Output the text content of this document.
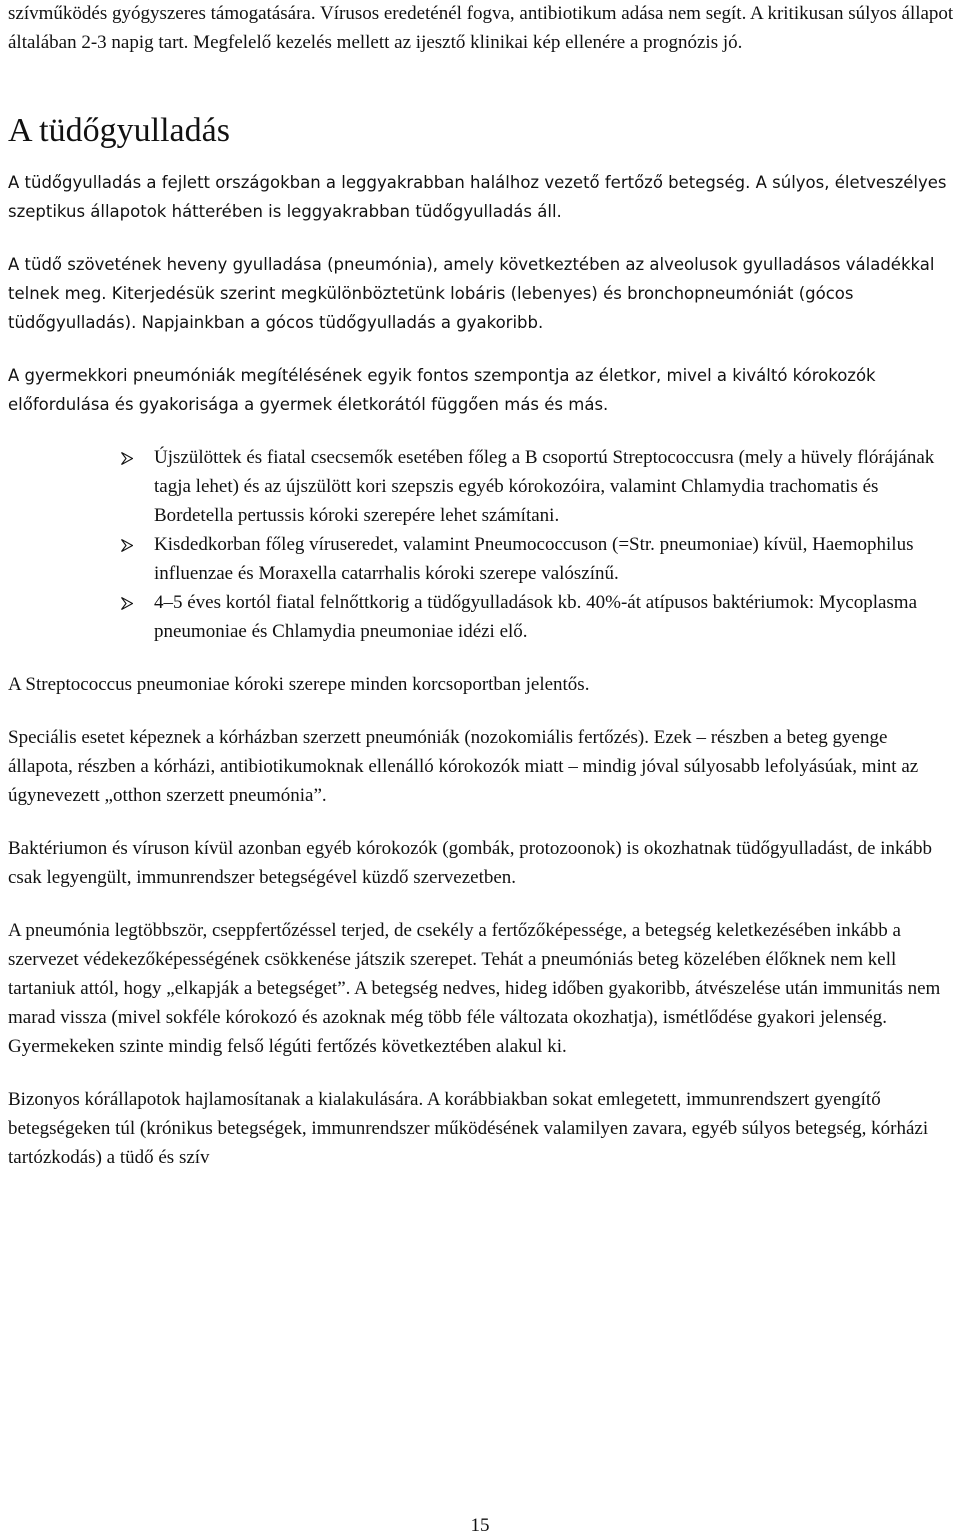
szívműködés gyógyszeres támogatására. Vírusos eredeténél fogva, antibiotikum adása nem segít. A kritikusan súlyos állapot általában 2-3 napig tart. Megfelelő kezelés mellett az ijesztő klinikai kép ellenére a prognózis jó.

A tüdőgyulladás

A tüdőgyulladás a fejlett országokban a leggyakrabban halálhoz vezető fertőző betegség. A súlyos, életveszélyes szeptikus állapotok hátterében is leggyakrabban tüdőgyulladás áll.

A tüdő szövetének heveny gyulladása (pneumónia), amely következtében az alveolusok gyulladásos váladékkal telnek meg. Kiterjedésük szerint megkülönböztetünk lobáris (lebenyes) és bronchopneumóniát (gócos tüdőgyulladás). Napjainkban a gócos tüdőgyulladás a gyakoribb.

A gyermekkori pneumóniák megítélésének egyik fontos szempontja az életkor, mivel a kiváltó kórokozók előfordulása és gyakorisága a gyermek életkorától függően más és más.

Újszülöttek és fiatal csecsemők esetében főleg a B csoportú Streptococcusra (mely a hüvely flórájának tagja lehet) és az újszülött kori szepszis egyéb kórokozóira, valamint Chlamydia trachomatis és Bordetella pertussis kóroki szerepére lehet számítani.
Kisdedkorban főleg víruseredet, valamint Pneumococcuson (=Str. pneumoniae) kívül, Haemophilus influenzae és Moraxella catarrhalis kóroki szerepe valószínű.
4–5 éves kortól fiatal felnőttkorig a tüdőgyulladások kb. 40%-át atípusos baktériumok: Mycoplasma pneumoniae és Chlamydia pneumoniae idézi elő.

A Streptococcus pneumoniae kóroki szerepe minden korcsoportban jelentős.

Speciális esetet képeznek a kórházban szerzett pneumóniák (nozokomiális fertőzés). Ezek – részben a beteg gyenge állapota, részben a kórházi, antibiotikumoknak ellenálló kórokozók miatt – mindig jóval súlyosabb lefolyásúak, mint az úgynevezett „otthon szerzett pneumónia”.

Baktériumon és víruson kívül azonban egyéb kórokozók (gombák, protozoonok) is okozhatnak tüdőgyulladást, de inkább csak legyengült, immunrendszer betegségével küzdő szervezetben.

A pneumónia legtöbbször, cseppfertőzéssel terjed, de csekély a fertőzőképessége, a betegség keletkezésében inkább a szervezet védekezőképességének csökkenése játszik szerepet. Tehát a pneumóniás beteg közelében élőknek nem kell tartaniuk attól, hogy „elkapják a betegséget”. A betegség nedves, hideg időben gyakoribb, átvészelése után immunitás nem marad vissza (mivel sokféle kórokozó és azoknak még több féle változata okozhatja), ismétlődése gyakori jelenség. Gyermekeken szinte mindig felső légúti fertőzés következtében alakul ki.

Bizonyos kórállapotok hajlamosítanak a kialakulására. A korábbiakban sokat emlegetett, immunrendszert gyengítő betegségeken túl (krónikus betegségek, immunrendszer működésének valamilyen zavara, egyéb súlyos betegség, kórházi tartózkodás) a tüdő és szív

15
